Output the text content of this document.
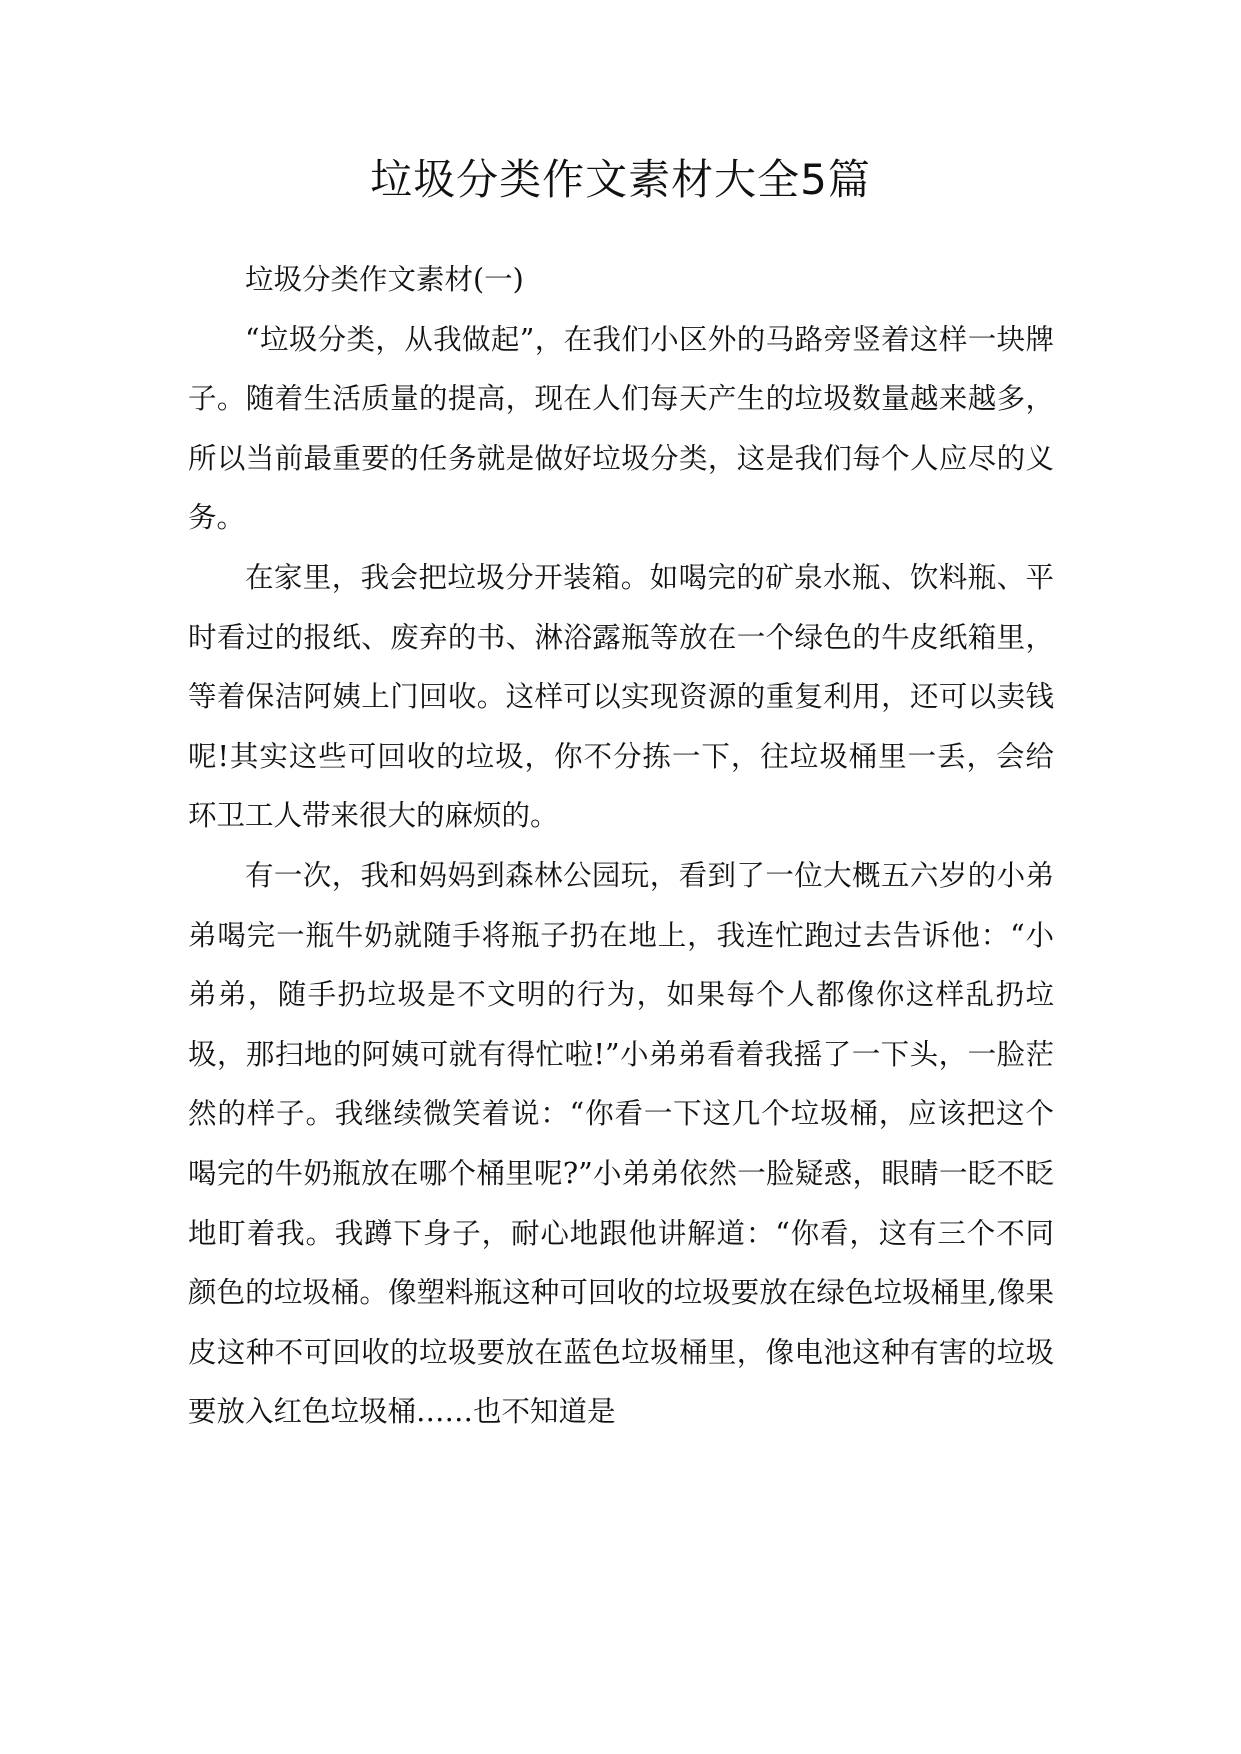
垃圾分类作文素材大全5篇

垃圾分类作文素材(一)

“垃圾分类，从我做起”，在我们小区外的马路旁竖着这样一块牌子。随着生活质量的提高，现在人们每天产生的垃圾数量越来越多，所以当前最重要的任务就是做好垃圾分类，这是我们每个人应尽的义务。

在家里，我会把垃圾分开装箱。如喝完的矿泉水瓶、饮料瓶、平时看过的报纸、废弃的书、淋浴露瓶等放在一个绿色的牛皮纸箱里，等着保洁阿姨上门回收。这样可以实现资源的重复利用，还可以卖钱呢!其实这些可回收的垃圾，你不分拣一下，往垃圾桶里一丢，会给环卫工人带来很大的麻烦的。

有一次，我和妈妈到森林公园玩，看到了一位大概五六岁的小弟弟喝完一瓶牛奶就随手将瓶子扔在地上，我连忙跑过去告诉他：“小弟弟，随手扔垃圾是不文明的行为，如果每个人都像你这样乱扔垃圾，那扫地的阿姨可就有得忙啦!”小弟弟看着我摇了一下头，一脸茫然的样子。我继续微笑着说：“你看一下这几个垃圾桶，应该把这个喝完的牛奶瓶放在哪个桶里呢?”小弟弟依然一脸疑惑，眼睛一眨不眨地盯着我。我蹲下身子，耐心地跟他讲解道：“你看，这有三个不同颜色的垃圾桶。像塑料瓶这种可回收的垃圾要放在绿色垃圾桶里,像果皮这种不可回收的垃圾要放在蓝色垃圾桶里，像电池这种有害的垃圾要放入红色垃圾桶……也不知道是
